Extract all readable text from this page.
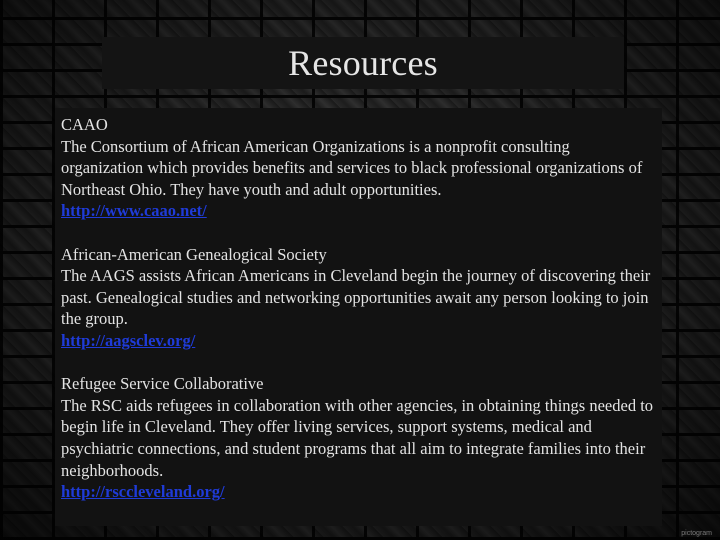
Resources
CAAO
The Consortium of African American Organizations is a nonprofit consulting organization which provides benefits and services to black professional organizations of Northeast Ohio. They have youth and adult opportunities.
http://www.caao.net/
African-American Genealogical Society
The AAGS assists African Americans in Cleveland begin the journey of discovering their past. Genealogical studies and networking opportunities await any person looking to join the group.
http://aagsclev.org/
Refugee Service Collaborative
The RSC aids refugees in collaboration with other agencies, in obtaining things needed to begin life in Cleveland. They offer living services, support systems, medical and psychiatric connections, and student programs that all aim to integrate families into their neighborhoods.
http://rsccleveland.org/
pictogram
